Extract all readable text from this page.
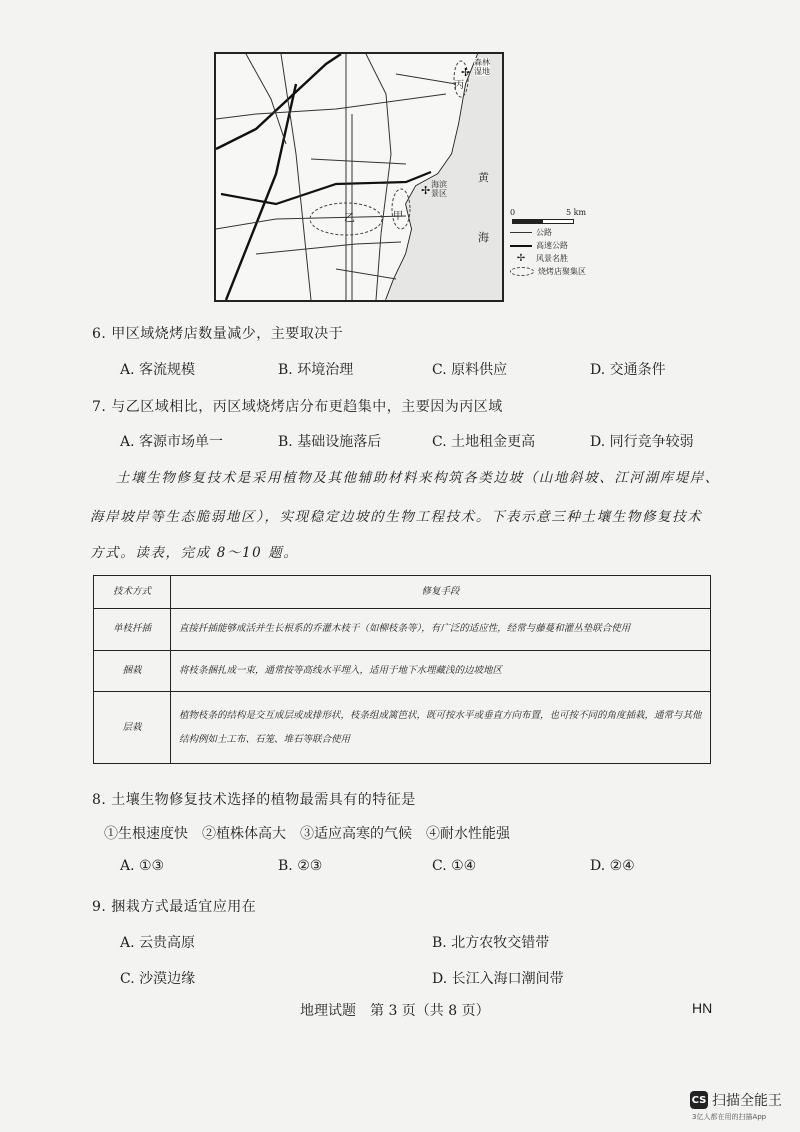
✢
✢
乙
丙
甲
森林
湿地
海滨
景区
黄
海
0	5 km
公路
高速公路
✢	风景名胜
烧烤店聚集区
6. 甲区域烧烤店数量减少，主要取决于
A. 客流规模	B. 环境治理	C. 原料供应	D. 交通条件
7. 与乙区域相比，丙区域烧烤店分布更趋集中，主要因为丙区域
A. 客源市场单一	B. 基础设施落后	C. 土地租金更高	D. 同行竞争较弱
土壤生物修复技术是采用植物及其他辅助材料来构筑各类边坡（山地斜坡、江河湖库堤岸、
海岸坡岸等生态脆弱地区），实现稳定边坡的生物工程技术。下表示意三种土壤生物修复技术
方式。读表，完成 8～10 题。
技术方式	修复手段
单枝扦插	直接扦插能够成活并生长根系的乔灌木枝干（如柳枝条等），有广泛的适应性，经常与藤蔓和灌丛垫联合使用
捆栽	将枝条捆扎成一束，通常按等高线水平埋入，适用于地下水埋藏浅的边坡地区
层栽	植物枝条的结构是交互成层或成排形状，枝条组成篱笆状，既可按水平或垂直方向布置，也可按不同的角度插栽，通常与其他结构例如土工布、石笼、堆石等联合使用
8. 土壤生物修复技术选择的植物最需具有的特征是
①生根速度快　②植株体高大　③适应高寒的气候　④耐水性能强
A. ①③	B. ②③	C. ①④	D. ②④
9. 捆栽方式最适宜应用在
A. 云贵高原	B. 北方农牧交错带
C. 沙漠边缘	D. 长江入海口潮间带
地理试题　第 3 页（共 8 页）	HN
CS 扫描全能王
3亿人都在用的扫描App
